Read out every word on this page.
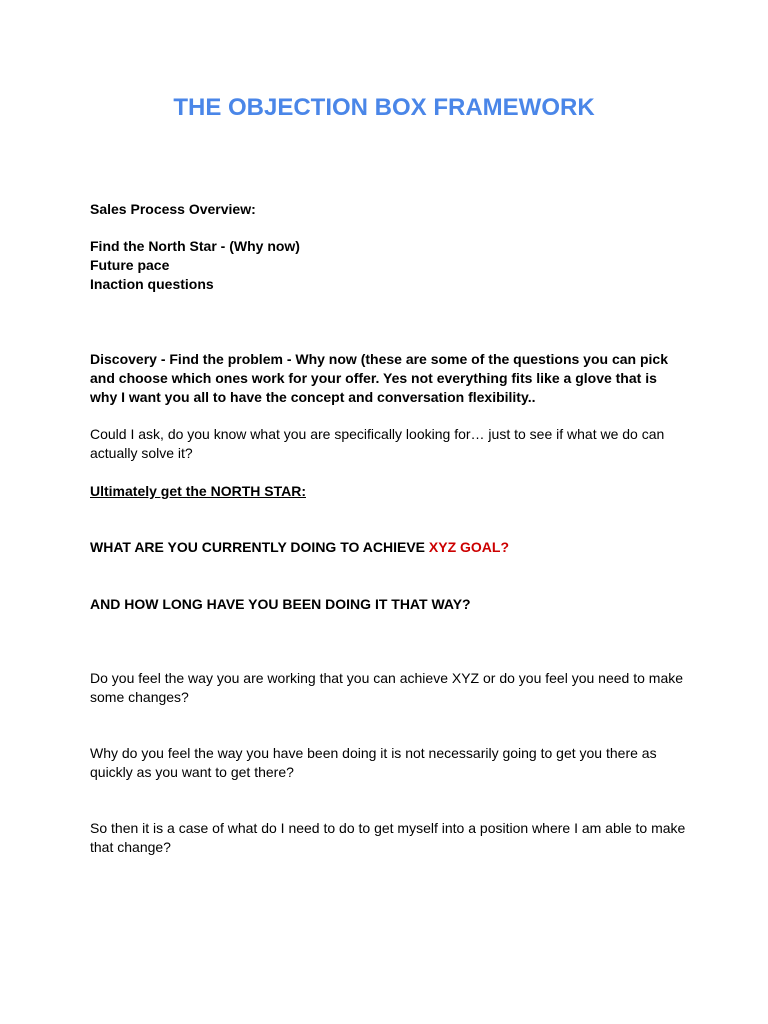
THE OBJECTION BOX FRAMEWORK
Sales Process Overview:
Find the North Star - (Why now)
Future pace
Inaction questions
Discovery - Find the problem - Why now (these are some of the questions you can pick
and choose which ones work for your offer. Yes not everything fits like a glove that is
why I want you all to have the concept and conversation flexibility..
Could I ask, do you know what you are specifically looking for… just to see if what we do can
actually solve it?
Ultimately get the NORTH STAR:
WHAT ARE YOU CURRENTLY DOING TO ACHIEVE XYZ GOAL?
AND HOW LONG HAVE YOU BEEN DOING IT THAT WAY?
Do you feel the way you are working that you can achieve XYZ or do you feel you need to make
some changes?
Why do you feel the way you have been doing it is not necessarily going to get you there as
quickly as you want to get there?
So then it is a case of what do I need to do to get myself into a position where I am able to make
that change?
